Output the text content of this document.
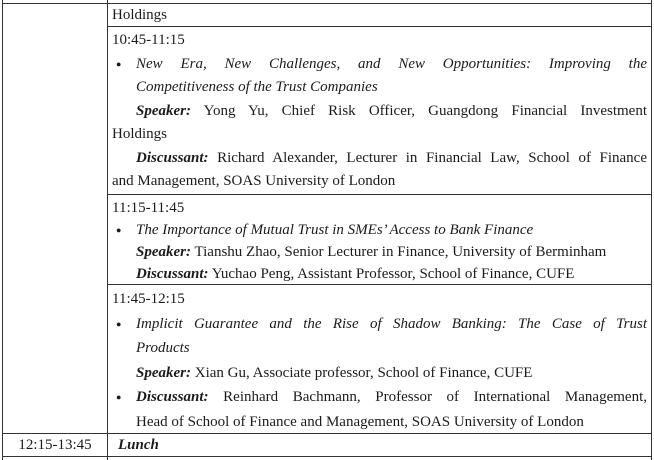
12:15-13:45
Holdings
10:45-11:15
● New Era, New Challenges, and New Opportunities: Improving the
Competitiveness of the Trust Companies
Speaker: Yong Yu, Chief Risk Officer, Guangdong Financial Investment
Holdings
Discussant: Richard Alexander, Lecturer in Financial Law, School of Finance
and Management, SOAS University of London
11:15-11:45
● The Importance of Mutual Trust in SMEs’ Access to Bank Finance
Speaker: Tianshu Zhao, Senior Lecturer in Finance, University of Berminham
Discussant: Yuchao Peng, Assistant Professor, School of Finance, CUFE
11:45-12:15
● Implicit Guarantee and the Rise of Shadow Banking: The Case of Trust
Products
Speaker: Xian Gu, Associate professor, School of Finance, CUFE
● Discussant: Reinhard Bachmann, Professor of International Management,
Head of School of Finance and Management, SOAS University of London
Lunch
